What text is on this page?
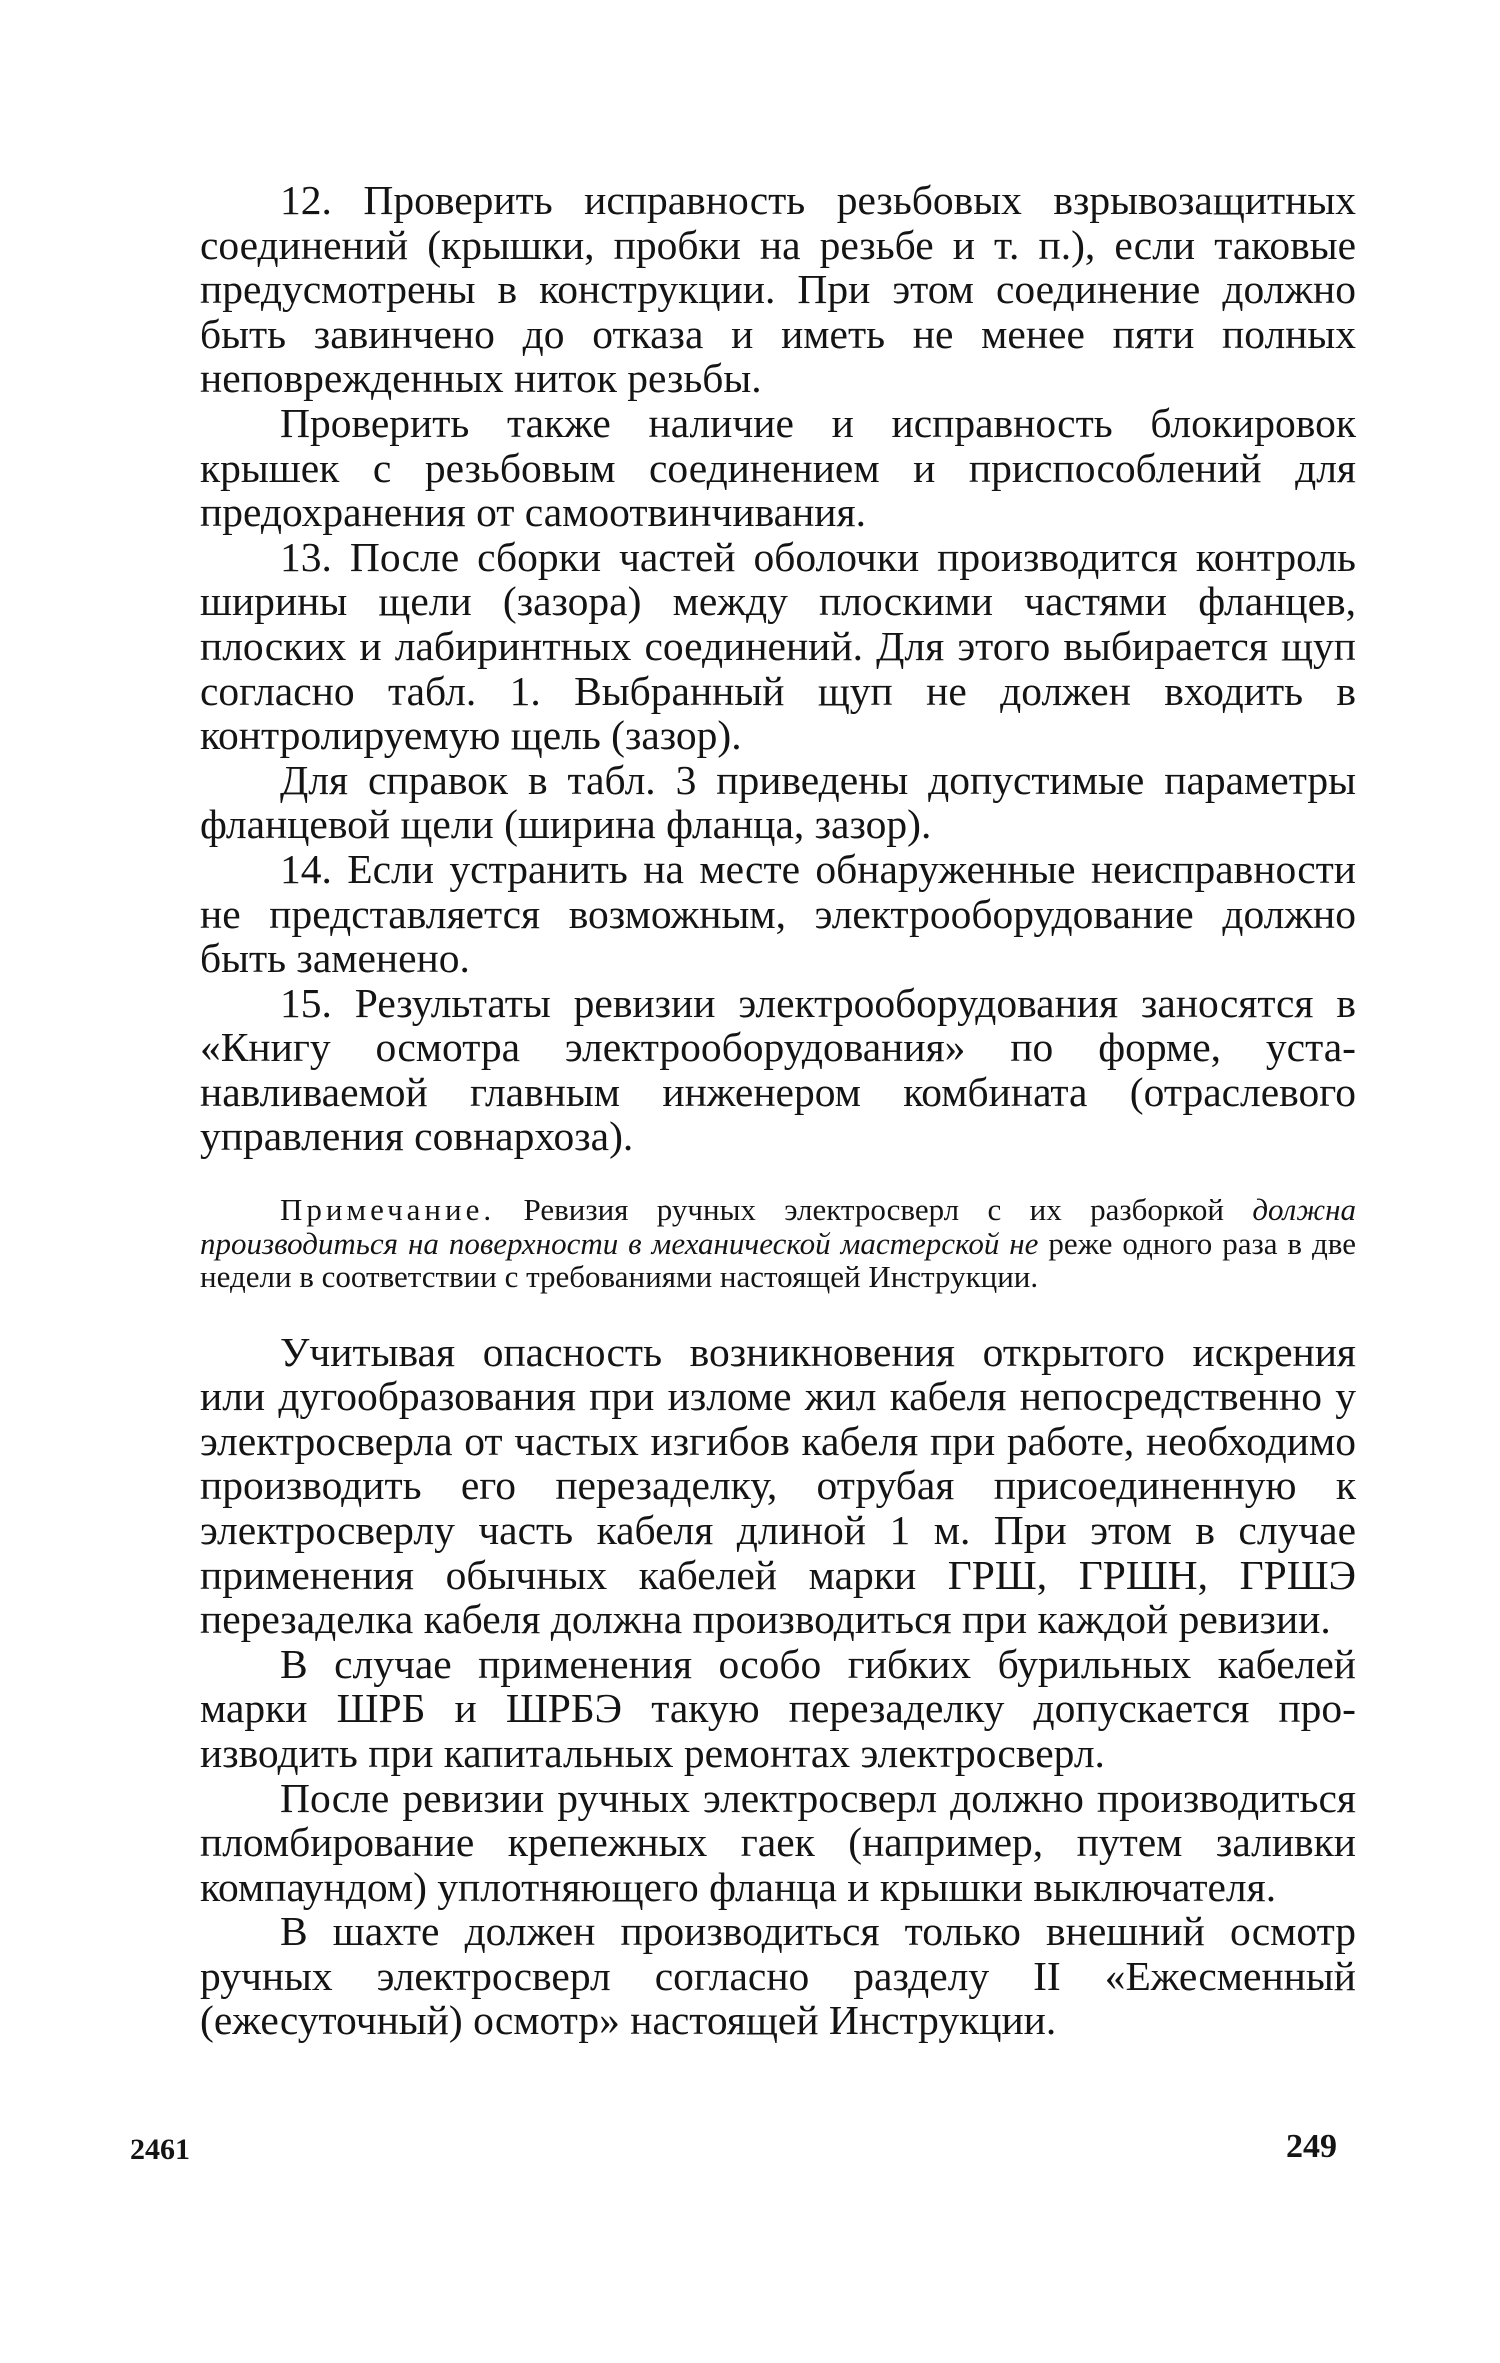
12. Проверить исправность резьбовых взрывозащитных соединений (крышки, пробки на резьбе и т. п.), если таковые предусмотрены в конструкции. При этом соединение должно быть завинчено до отказа и иметь не менее пяти полных неповрежденных ниток резьбы.

Проверить также наличие и исправность блокировок крышек с резьбовым соединением и приспособлений для предохранения от самоотвинчивания.

13. После сборки частей оболочки производится контроль ширины щели (зазора) между плоскими частями фланцев, плоских и лабиринтных соединений. Для этого выбирается щуп согласно табл. 1. Выбранный щуп не должен входить в контролируемую щель (зазор).

Для справок в табл. 3 приведены допустимые параметры фланцевой щели (ширина фланца, зазор).

14. Если устранить на месте обнаруженные неисправности не представляется возможным, электрооборудование должно быть заменено.

15. Результаты ревизии электрооборудования заносятся в «Книгу осмотра электрооборудования» по форме, устанавливаемой главным инженером комбината (отраслевого управления совнархоза).

Примечание. Ревизия ручных электросверл с их разборкой должна производиться на поверхности в механической мастерской не реже одного раза в две недели в соответствии с требованиями настоящей Инструкции.

Учитывая опасность возникновения открытого искрения или дугообразования при изломе жил кабеля непосредственно у электросверла от частых изгибов кабеля при работе, необходимо производить его перезаделку, отрубая присоединенную к электросверлу часть кабеля длиной 1 м. При этом в случае применения обычных кабелей марки ГРШ, ГРШН, ГРШЭ перезаделка кабеля должна производиться при каждой ревизии.

В случае применения особо гибких бурильных кабелей марки ШРБ и ШРБЭ такую перезаделку допускается производить при капитальных ремонтах электросверл.

После ревизии ручных электросверл должно производиться пломбирование крепежных гаек (например, путем заливки компаундом) уплотняющего фланца и крышки выключателя.

В шахте должен производиться только внешний осмотр ручных электросверл согласно разделу II «Ежесменный (ежесуточный) осмотр» настоящей Инструкции.

2461	249
